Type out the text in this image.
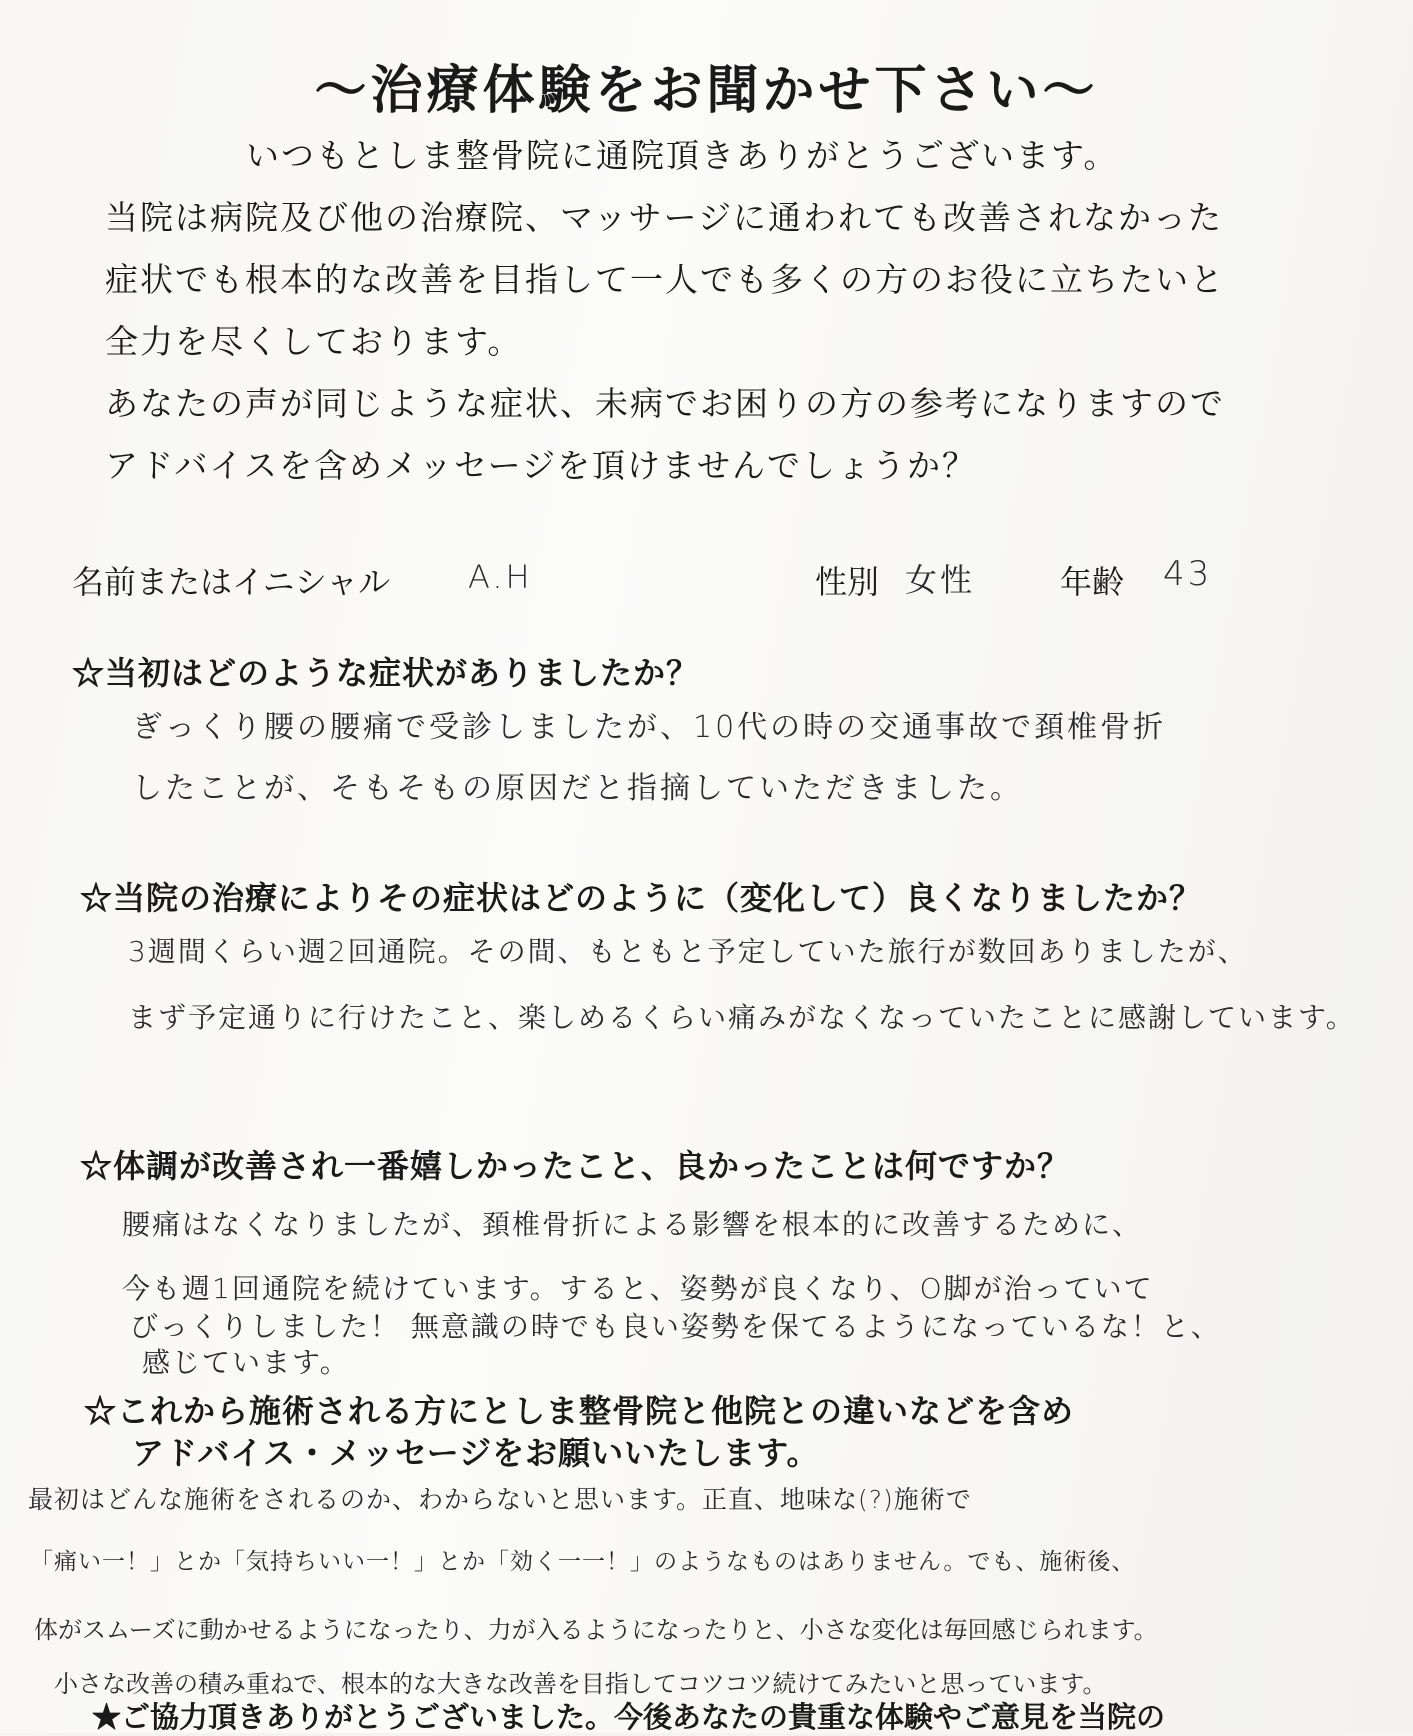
～治療体験をお聞かせ下さい～
いつもとしま整骨院に通院頂きありがとうございます。
当院は病院及び他の治療院、マッサージに通われても改善されなかった
症状でも根本的な改善を目指して一人でも多くの方のお役に立ちたいと
全力を尽くしております。
あなたの声が同じような症状、未病でお困りの方の参考になりますので
アドバイスを含めメッセージを頂けませんでしょうか？
名前またはイニシャル A.H	性別 女性	年齢 43
☆当初はどのような症状がありましたか？
ぎっくり腰の腰痛で受診しましたが、10代の時の交通事故で頚椎骨折
したことが、そもそもの原因だと指摘していただきました。
☆当院の治療によりその症状はどのように（変化して）良くなりましたか？
3週間くらい週2回通院。その間、もともと予定していた旅行が数回ありましたが、
まず予定通りに行けたこと、楽しめるくらい痛みがなくなっていたことに感謝しています。
☆体調が改善され一番嬉しかったこと、良かったことは何ですか？
腰痛はなくなりましたが、頚椎骨折による影響を根本的に改善するために、
今も週1回通院を続けています。すると、姿勢が良くなり、O脚が治っていて
びっくりしました！ 無意識の時でも良い姿勢を保てるようになっているな！と、
感じています。
☆これから施術される方にとしま整骨院と他院との違いなどを含め
アドバイス・メッセージをお願いいたします。
最初はどんな施術をされるのか、わからないと思います。正直、地味な(?)施術で
「痛い一！」とか「気持ちいい一！」とか「効く一一！」のようなものはありません。でも、施術後、
体がスムーズに動かせるようになったり、力が入るようになったりと、小さな変化は毎回感じられます。
小さな改善の積み重ねで、根本的な大きな改善を目指してコツコツ続けてみたいと思っています。
★ご協力頂きありがとうございました。今後あなたの貴重な体験やご意見を当院の
